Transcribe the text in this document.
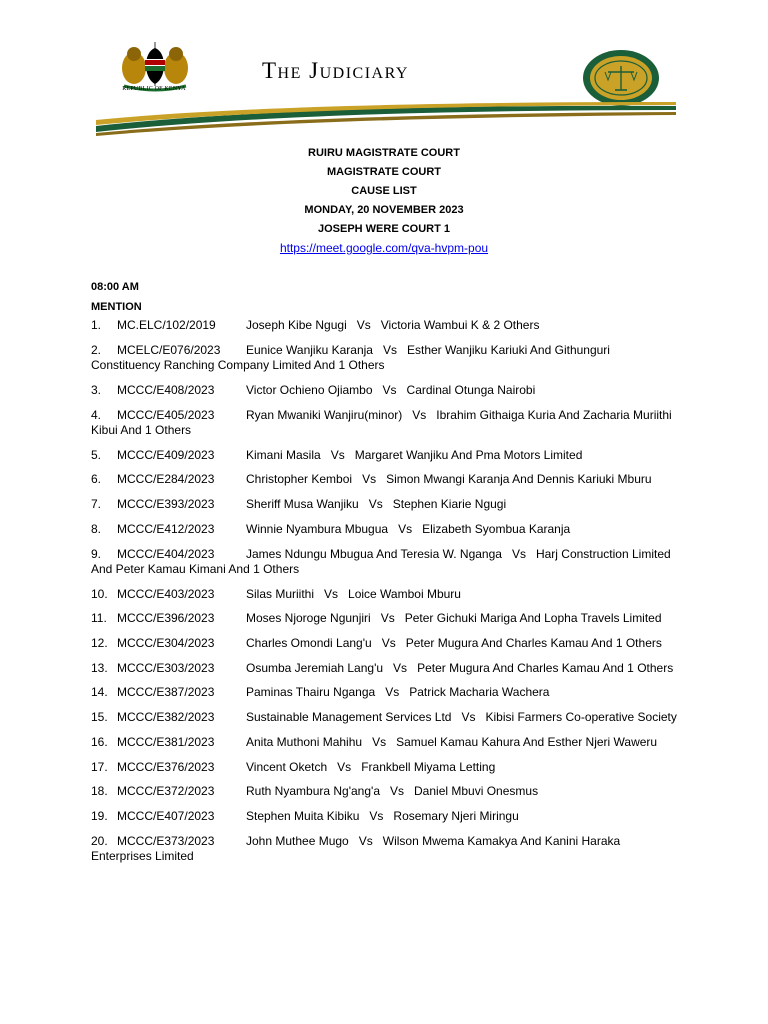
REPUBLIC OF KENYA
The Judiciary
RUIRU MAGISTRATE COURT
MAGISTRATE COURT
CAUSE LIST
MONDAY, 20 NOVEMBER 2023
JOSEPH WERE COURT 1
https://meet.google.com/qva-hvpm-pou
08:00 AM
MENTION
1. MC.ELC/102/2019	Joseph Kibe Ngugi Vs Victoria Wambui K & 2 Others
2. MCELC/E076/2023 Eunice Wanjiku Karanja Vs Esther Wanjiku Kariuki And Githunguri Constituency Ranching Company Limited And 1 Others
3. MCCC/E408/2023	Victor Ochieno Ojiambo Vs Cardinal Otunga Nairobi
4. MCCC/E405/2023	Ryan Mwaniki Wanjiru(minor) Vs Ibrahim Githaiga Kuria And Zacharia Muriithi Kibui And 1 Others
5. MCCC/E409/2023	Kimani Masila Vs Margaret Wanjiku And Pma Motors Limited
6. MCCC/E284/2023	Christopher Kemboi Vs Simon Mwangi Karanja And Dennis Kariuki Mburu
7. MCCC/E393/2023	Sheriff Musa Wanjiku Vs Stephen Kiarie Ngugi
8. MCCC/E412/2023	Winnie Nyambura Mbugua Vs Elizabeth Syombua Karanja
9. MCCC/E404/2023	James Ndungu Mbugua And Teresia W. Nganga Vs Harj Construction Limited And Peter Kamau Kimani And 1 Others
10. MCCC/E403/2023	Silas Muriithi Vs Loice Wamboi Mburu
11. MCCC/E396/2023	Moses Njoroge Ngunjiri Vs Peter Gichuki Mariga And Lopha Travels Limited
12. MCCC/E304/2023	Charles Omondi Lang'u Vs Peter Mugura And Charles Kamau And 1 Others
13. MCCC/E303/2023	Osumba Jeremiah Lang'u Vs Peter Mugura And Charles Kamau And 1 Others
14. MCCC/E387/2023	Paminas Thairu Nganga Vs Patrick Macharia Wachera
15. MCCC/E382/2023	Sustainable Management Services Ltd Vs Kibisi Farmers Co-operative Society
16. MCCC/E381/2023	Anita Muthoni Mahihu Vs Samuel Kamau Kahura And Esther Njeri Waweru
17. MCCC/E376/2023	Vincent Oketch Vs Frankbell Miyama Letting
18. MCCC/E372/2023	Ruth Nyambura Ng'ang'a Vs Daniel Mbuvi Onesmus
19. MCCC/E407/2023	Stephen Muita Kibiku Vs Rosemary Njeri Miringu
20. MCCC/E373/2023	John Muthee Mugo Vs Wilson Mwema Kamakya And Kanini Haraka Enterprises Limited
